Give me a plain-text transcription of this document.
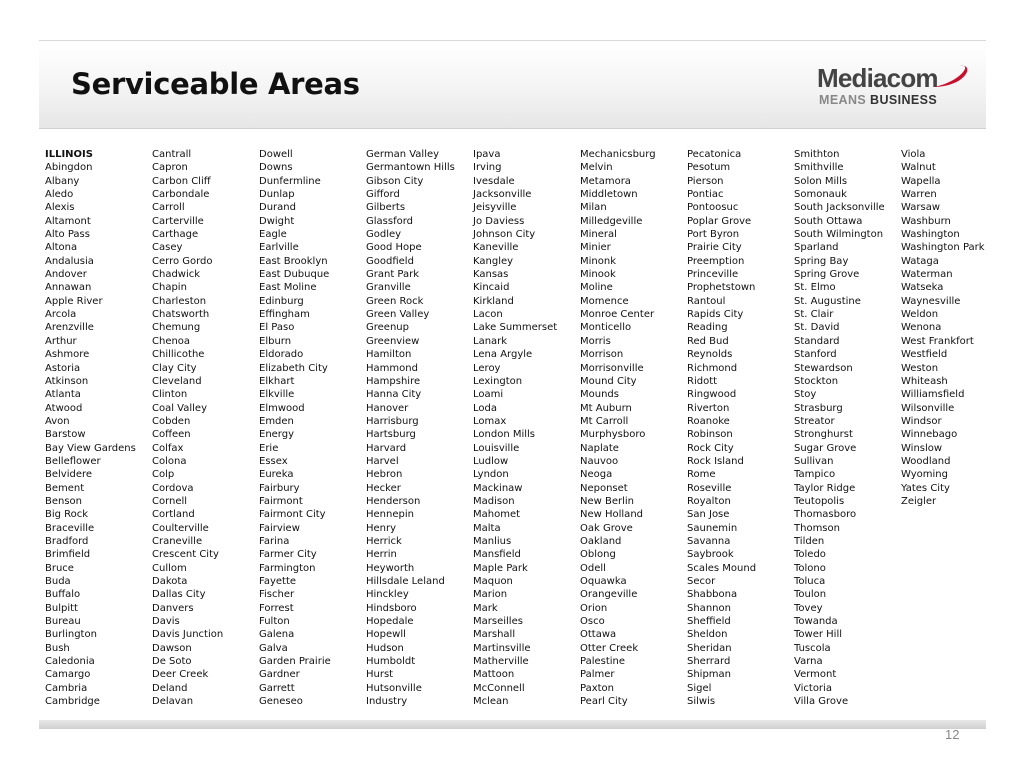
Serviceable Areas	Mediacom
MEANS BUSINESS
ILLINOIS
Abingdon
Albany
Aledo
Alexis
Altamont
Alto Pass
Altona
Andalusia
Andover
Annawan
Apple River
Arcola
Arenzville
Arthur
Ashmore
Astoria
Atkinson
Atlanta
Atwood
Avon
Barstow
Bay View Gardens
Belleflower
Belvidere
Bement
Benson
Big Rock
Braceville
Bradford
Brimfield
Bruce
Buda
Buffalo
Bulpitt
Bureau
Burlington
Bush
Caledonia
Camargo
Cambria
Cambridge
Cantrall
Capron
Carbon Cliff
Carbondale
Carroll
Carterville
Carthage
Casey
Cerro Gordo
Chadwick
Chapin
Charleston
Chatsworth
Chemung
Chenoa
Chillicothe
Clay City
Cleveland
Clinton
Coal Valley
Cobden
Coffeen
Colfax
Colona
Colp
Cordova
Cornell
Cortland
Coulterville
Craneville
Crescent City
Cullom
Dakota
Dallas City
Danvers
Davis
Davis Junction
Dawson
De Soto
Deer Creek
Deland
Delavan
Dowell
Downs
Dunfermline
Dunlap
Durand
Dwight
Eagle
Earlville
East Brooklyn
East Dubuque
East Moline
Edinburg
Effingham
El Paso
Elburn
Eldorado
Elizabeth City
Elkhart
Elkville
Elmwood
Emden
Energy
Erie
Essex
Eureka
Fairbury
Fairmont
Fairmont City
Fairview
Farina
Farmer City
Farmington
Fayette
Fischer
Forrest
Fulton
Galena
Galva
Garden Prairie
Gardner
Garrett
Geneseo
German Valley
Germantown Hills
Gibson City
Gifford
Gilberts
Glassford
Godley
Good Hope
Goodfield
Grant Park
Granville
Green Rock
Green Valley
Greenup
Greenview
Hamilton
Hammond
Hampshire
Hanna City
Hanover
Harrisburg
Hartsburg
Harvard
Harvel
Hebron
Hecker
Henderson
Hennepin
Henry
Herrick
Herrin
Heyworth
Hillsdale Leland
Hinckley
Hindsboro
Hopedale
Hopewll
Hudson
Humboldt
Hurst
Hutsonville
Industry
Ipava
Irving
Ivesdale
Jacksonville
Jeisyville
Jo Daviess
Johnson City
Kaneville
Kangley
Kansas
Kincaid
Kirkland
Lacon
Lake Summerset
Lanark
Lena Argyle
Leroy
Lexington
Loami
Loda
Lomax
London Mills
Louisville
Ludlow
Lyndon
Mackinaw
Madison
Mahomet
Malta
Manlius
Mansfield
Maple Park
Maquon
Marion
Mark
Marseilles
Marshall
Martinsville
Matherville
Mattoon
McConnell
Mclean
Mechanicsburg
Melvin
Metamora
Middletown
Milan
Milledgeville
Mineral
Minier
Minonk
Minook
Moline
Momence
Monroe Center
Monticello
Morris
Morrison
Morrisonville
Mound City
Mounds
Mt Auburn
Mt Carroll
Murphysboro
Naplate
Nauvoo
Neoga
Neponset
New Berlin
New Holland
Oak Grove
Oakland
Oblong
Odell
Oquawka
Orangeville
Orion
Osco
Ottawa
Otter Creek
Palestine
Palmer
Paxton
Pearl City
Pecatonica
Pesotum
Pierson
Pontiac
Pontoosuc
Poplar Grove
Port Byron
Prairie City
Preemption
Princeville
Prophetstown
Rantoul
Rapids City
Reading
Red Bud
Reynolds
Richmond
Ridott
Ringwood
Riverton
Roanoke
Robinson
Rock City
Rock Island
Rome
Roseville
Royalton
San Jose
Saunemin
Savanna
Saybrook
Scales Mound
Secor
Shabbona
Shannon
Sheffield
Sheldon
Sheridan
Sherrard
Shipman
Sigel
Silwis
Smithton
Smithville
Solon Mills
Somonauk
South Jacksonville
South Ottawa
South Wilmington
Sparland
Spring Bay
Spring Grove
St. Elmo
St. Augustine
St. Clair
St. David
Standard
Stanford
Stewardson
Stockton
Stoy
Strasburg
Streator
Stronghurst
Sugar Grove
Sullivan
Tampico
Taylor Ridge
Teutopolis
Thomasboro
Thomson
Tilden
Toledo
Tolono
Toluca
Toulon
Tovey
Towanda
Tower Hill
Tuscola
Varna
Vermont
Victoria
Villa Grove
Viola
Walnut
Wapella
Warren
Warsaw
Washburn
Washington
Washington Park
Wataga
Waterman
Watseka
Waynesville
Weldon
Wenona
West Frankfort
Westfield
Weston
Whiteash
Williamsfield
Wilsonville
Windsor
Winnebago
Winslow
Woodland
Wyoming
Yates City
Zeigler
12
